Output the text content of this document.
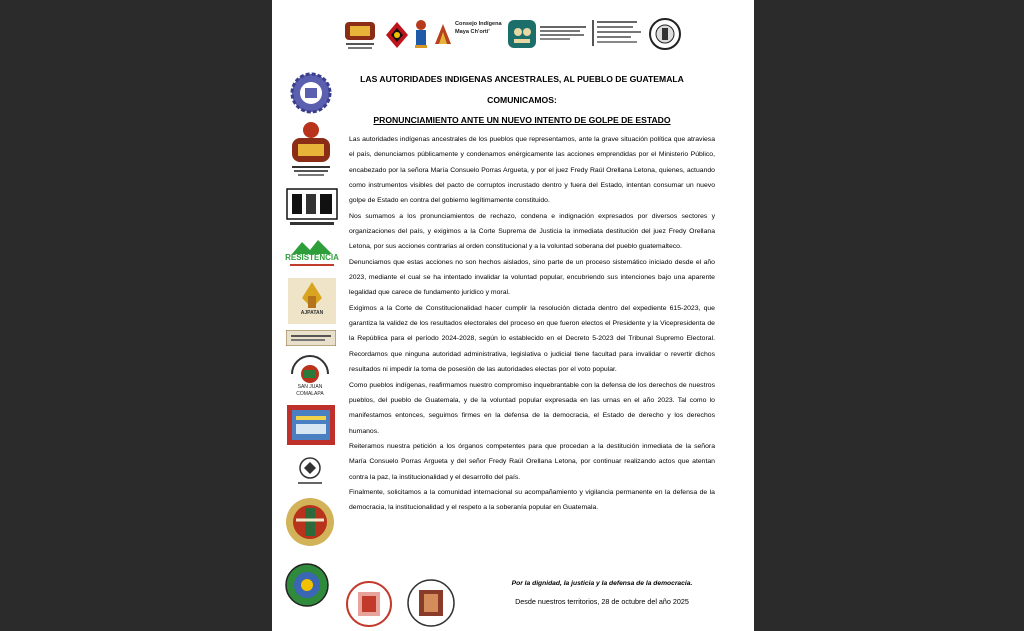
Consejo Indígena
Maya Ch'orti'
RESISTENCIA
AJPATAN
SAN JUAN
COMALAPA
LAS AUTORIDADES INDIGENAS ANCESTRALES, AL PUEBLO DE GUATEMALA
COMUNICAMOS:
PRONUNCIAMIENTO ANTE UN NUEVO INTENTO DE GOLPE DE ESTADO

Las autoridades indígenas ancestrales de los pueblos que representamos, ante la grave situación política que atraviesa el país, denunciamos públicamente y condenamos enérgicamente las acciones emprendidas por el Ministerio Público, encabezado por la señora María Consuelo Porras Argueta, y por el juez Fredy Raúl Orellana Letona, quienes, actuando como instrumentos visibles del pacto de corruptos incrustado dentro y fuera del Estado, intentan consumar un nuevo golpe de Estado en contra del gobierno legítimamente constituido.

Nos sumamos a los pronunciamientos de rechazo, condena e indignación expresados por diversos sectores y organizaciones del país, y exigimos a la Corte Suprema de Justicia la inmediata destitución del juez Fredy Orellana Letona, por sus acciones contrarias al orden constitucional y a la voluntad soberana del pueblo guatemalteco.

Denunciamos que estas acciones no son hechos aislados, sino parte de un proceso sistemático iniciado desde el año 2023, mediante el cual se ha intentado invalidar la voluntad popular, encubriendo sus intenciones bajo una aparente legalidad que carece de fundamento jurídico y moral.

Exigimos a la Corte de Constitucionalidad hacer cumplir la resolución dictada dentro del expediente 615-2023, que garantiza la validez de los resultados electorales del proceso en que fueron electos el Presidente y la Vicepresidenta de la República para el período 2024-2028, según lo establecido en el Decreto 5-2023 del Tribunal Supremo Electoral. Recordamos que ninguna autoridad administrativa, legislativa o judicial tiene facultad para invalidar o revertir dichos resultados ni impedir la toma de posesión de las autoridades electas por el voto popular.

Como pueblos indígenas, reafirmamos nuestro compromiso inquebrantable con la defensa de los derechos de nuestros pueblos, del pueblo de Guatemala, y de la voluntad popular expresada en las urnas en el año 2023. Tal como lo manifestamos entonces, seguimos firmes en la defensa de la democracia, el Estado de derecho y los derechos humanos.

Reiteramos nuestra petición a los órganos competentes para que procedan a la destitución inmediata de la señora María Consuelo Porras Argueta y del señor Fredy Raúl Orellana Letona, por continuar realizando actos que atentan contra la paz, la institucionalidad y el desarrollo del país.

Finalmente, solicitamos a la comunidad internacional su acompañamiento y vigilancia permanente en la defensa de la democracia, la institucionalidad y el respeto a la soberanía popular en Guatemala.

Por la dignidad, la justicia y la defensa de la democracia.
Desde nuestros territorios, 28 de octubre del año 2025
